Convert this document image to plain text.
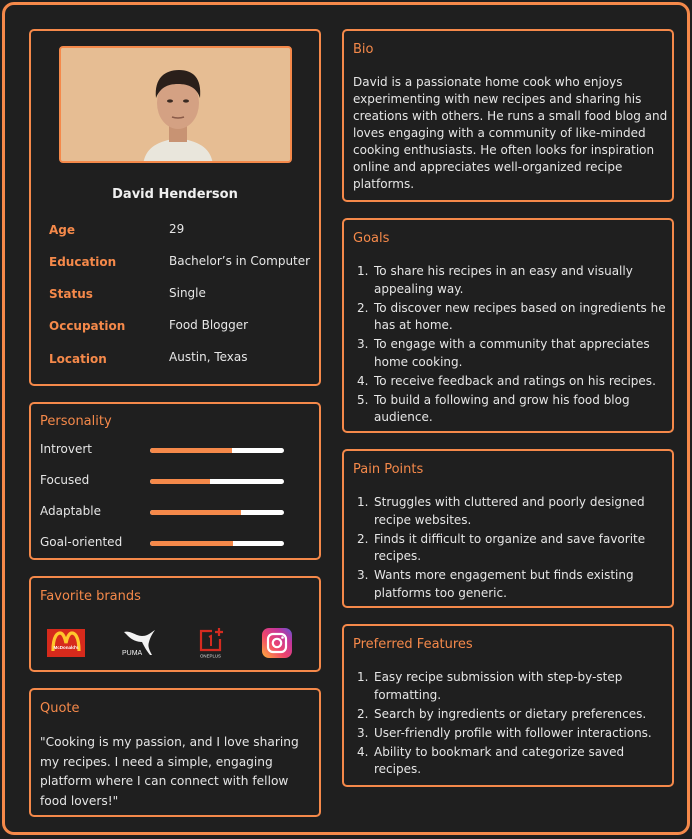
David Henderson
Age	29
Education	Bachelor’s in Computer
Status	Single
Occupation	Food Blogger
Location	Austin, Texas
Personality
Introvert
Focused
Adaptable
Goal-oriented
Favorite brands
McDonald's
PUMA	ONEPLUS
Quote

"Cooking is my passion, and I love sharing my recipes. I need a simple, engaging platform where I can connect with fellow food lovers!"

Bio

David is a passionate home cook who enjoys experimenting with new recipes and sharing his creations with others. He runs a small food blog and loves engaging with a community of like-minded cooking enthusiasts. He often looks for inspiration online and appreciates well-organized recipe platforms.

Goals
1. To share his recipes in an easy and visually appealing way.
2. To discover new recipes based on ingredients he has at home.
3. To engage with a community that appreciates home cooking.
4. To receive feedback and ratings on his recipes.
5. To build a following and grow his food blog audience.
Pain Points
1. Struggles with cluttered and poorly designed recipe websites.
2. Finds it difficult to organize and save favorite recipes.
3. Wants more engagement but finds existing platforms too generic.
Preferred Features
1. Easy recipe submission with step-by-step formatting.
2. Search by ingredients or dietary preferences.
3. User-friendly profile with follower interactions.
4. Ability to bookmark and categorize saved recipes.
